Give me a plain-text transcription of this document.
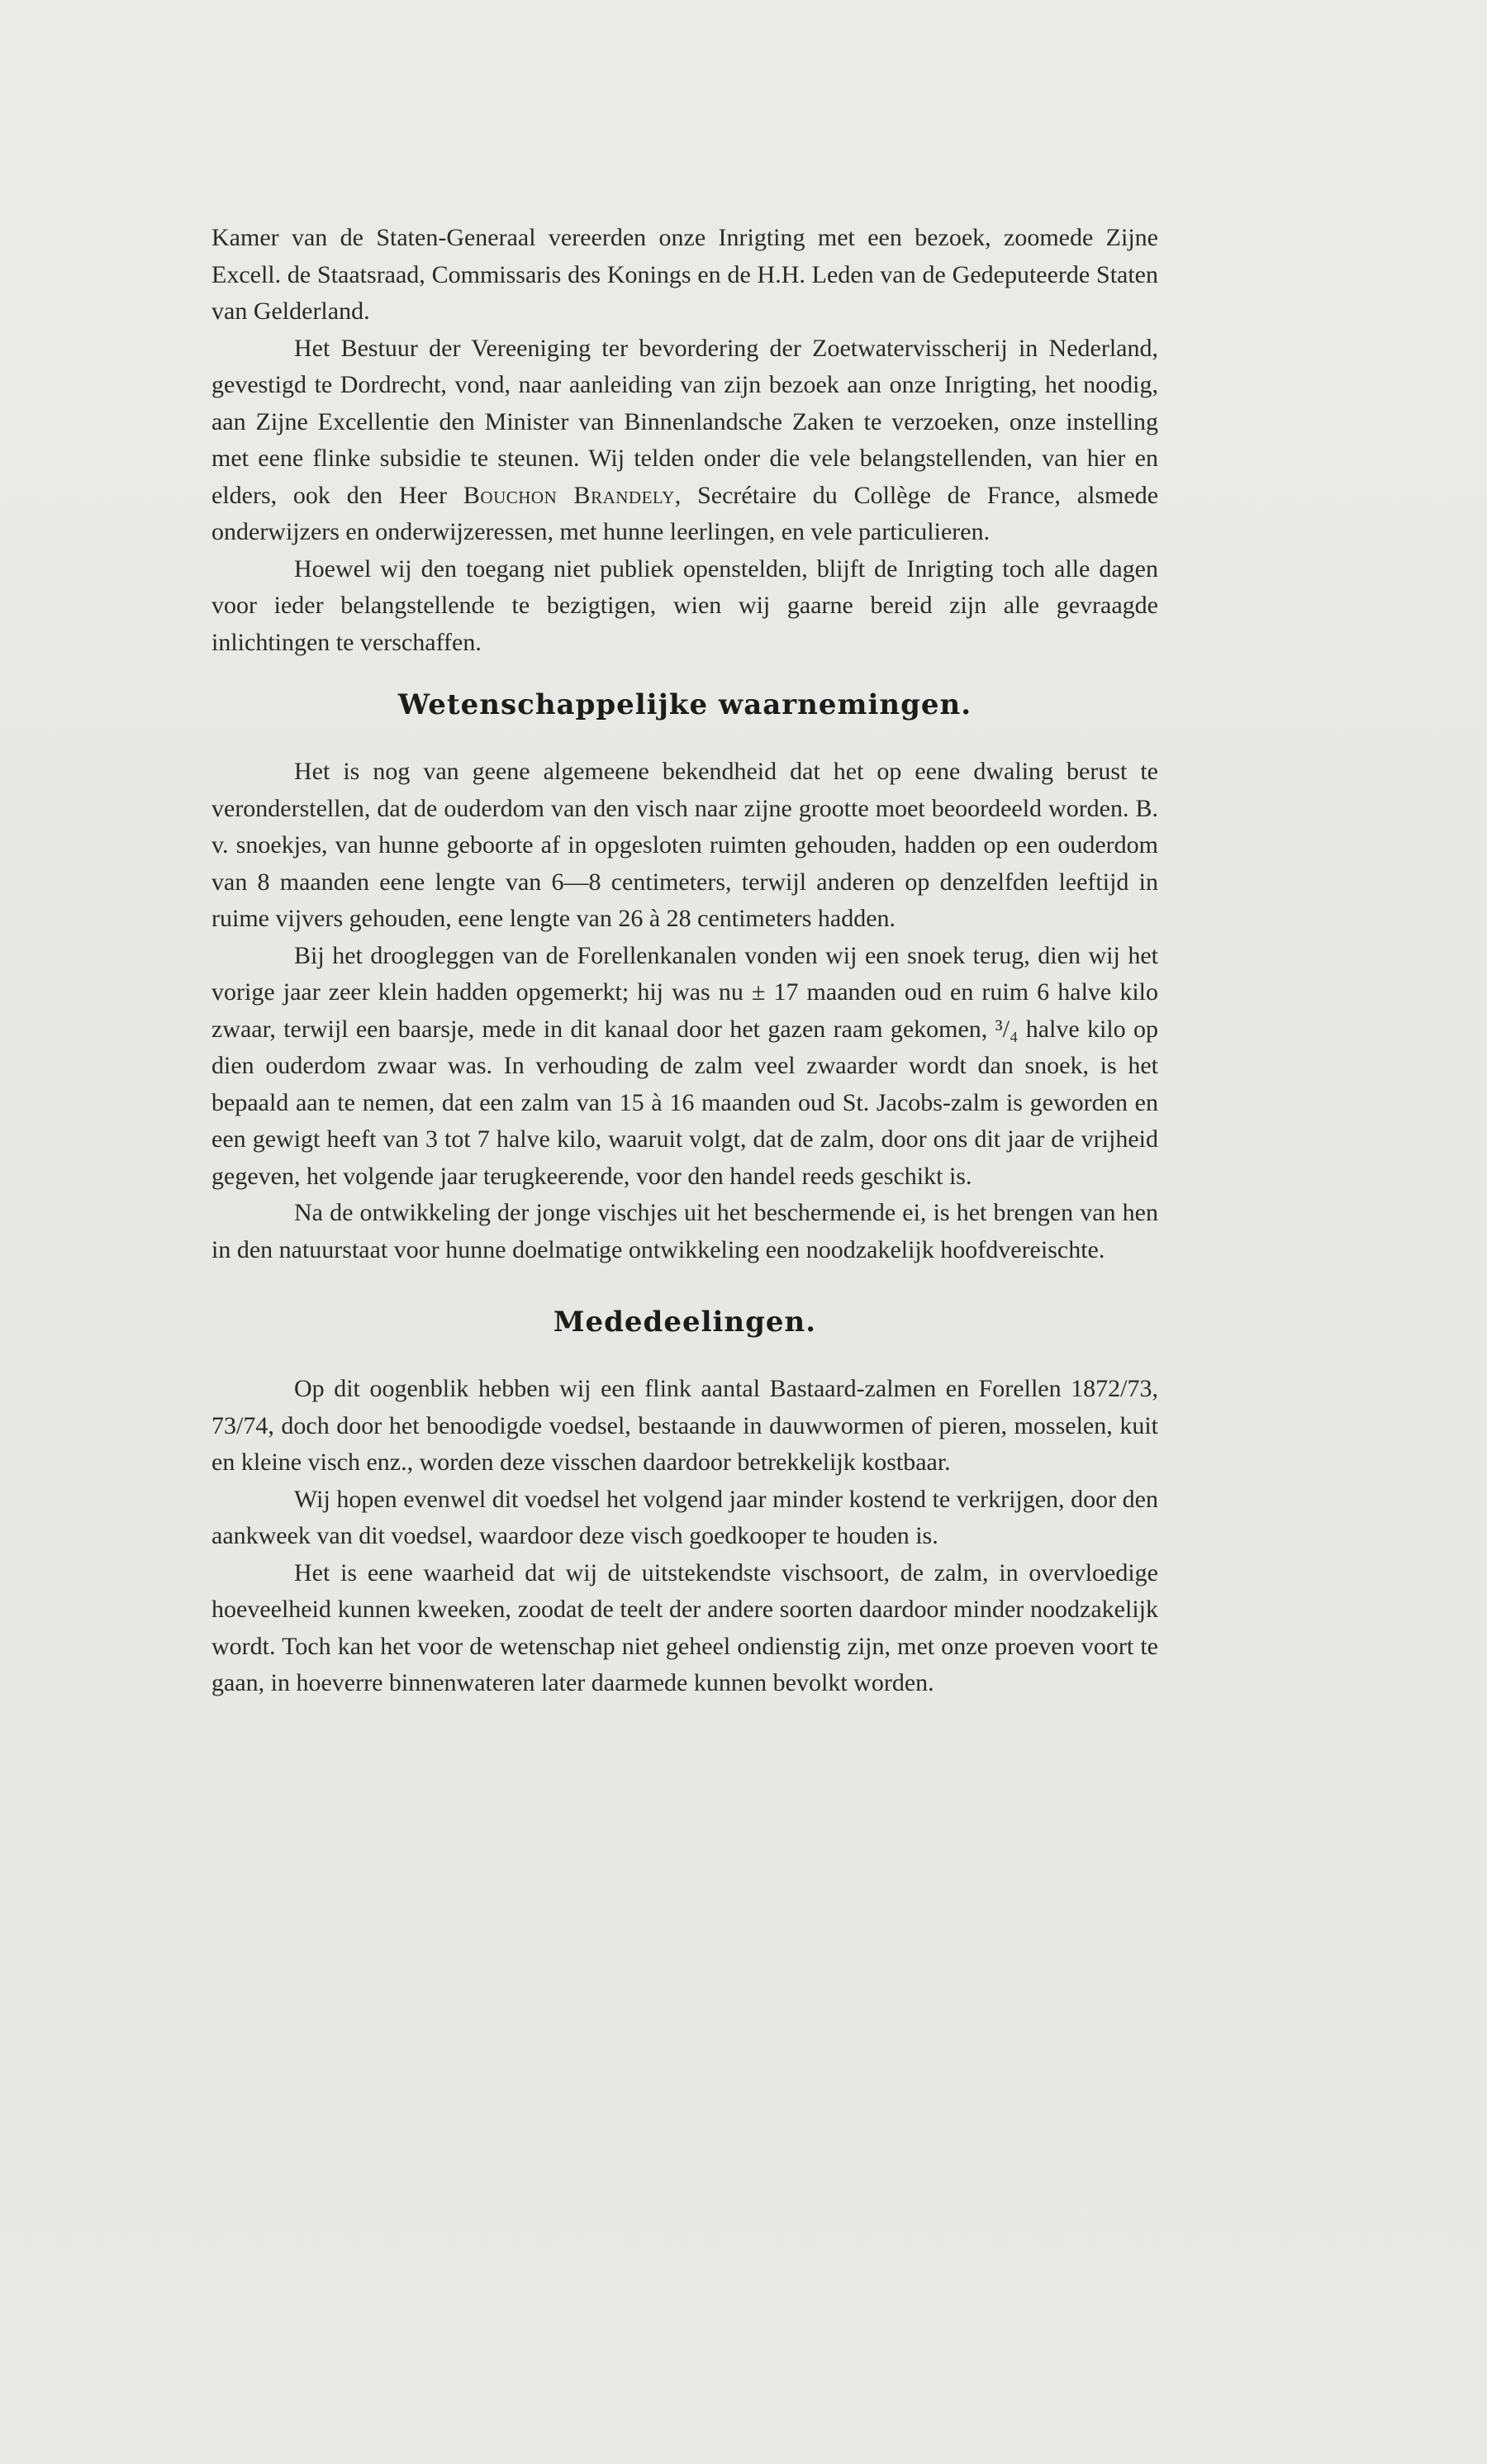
Kamer van de Staten-Generaal vereerden onze Inrigting met een bezoek, zoomede Zijne Excell. de Staatsraad, Commissaris des Konings en de H.H. Leden van de Gedeputeerde Staten van Gelderland.

Het Bestuur der Vereeniging ter bevordering der Zoetwatervisscherij in Nederland, gevestigd te Dordrecht, vond, naar aanleiding van zijn bezoek aan onze Inrigting, het noodig, aan Zijne Excellentie den Minister van Binnenlandsche Zaken te verzoeken, onze instelling met eene flinke subsidie te steunen. Wij telden onder die vele belangstellenden, van hier en elders, ook den Heer Bouchon Brandely, Secrétaire du Collège de France, alsmede onderwijzers en onderwijzeressen, met hunne leerlingen, en vele particulieren.

Hoewel wij den toegang niet publiek openstelden, blijft de Inrigting toch alle dagen voor ieder belangstellende te bezigtigen, wien wij gaarne bereid zijn alle gevraagde inlichtingen te verschaffen.

Wetenschappelijke waarnemingen.

Het is nog van geene algemeene bekendheid dat het op eene dwaling berust te veronderstellen, dat de ouderdom van den visch naar zijne grootte moet beoordeeld worden. B. v. snoekjes, van hunne geboorte af in opgesloten ruimten gehouden, hadden op een ouderdom van 8 maanden eene lengte van 6—8 centimeters, terwijl anderen op denzelfden leeftijd in ruime vijvers gehouden, eene lengte van 26 à 28 centimeters hadden.

Bij het droogleggen van de Forellenkanalen vonden wij een snoek terug, dien wij het vorige jaar zeer klein hadden opgemerkt; hij was nu ± 17 maanden oud en ruim 6 halve kilo zwaar, terwijl een baarsje, mede in dit kanaal door het gazen raam gekomen, ³/₄ halve kilo op dien ouderdom zwaar was. In verhouding de zalm veel zwaarder wordt dan snoek, is het bepaald aan te nemen, dat een zalm van 15 à 16 maanden oud St. Jacobs-zalm is geworden en een gewigt heeft van 3 tot 7 halve kilo, waaruit volgt, dat de zalm, door ons dit jaar de vrijheid gegeven, het volgende jaar terugkeerende, voor den handel reeds geschikt is.

Na de ontwikkeling der jonge vischjes uit het beschermende ei, is het brengen van hen in den natuurstaat voor hunne doelmatige ontwikkeling een noodzakelijk hoofdvereischte.

Mededeelingen.

Op dit oogenblik hebben wij een flink aantal Bastaard-zalmen en Forellen 1872/73, 73/74, doch door het benoodigde voedsel, bestaande in dauwwormen of pieren, mosselen, kuit en kleine visch enz., worden deze visschen daardoor betrekkelijk kostbaar.

Wij hopen evenwel dit voedsel het volgend jaar minder kostend te verkrijgen, door den aankweek van dit voedsel, waardoor deze visch goedkooper te houden is.

Het is eene waarheid dat wij de uitstekendste vischsoort, de zalm, in overvloedige hoeveelheid kunnen kweeken, zoodat de teelt der andere soorten daardoor minder noodzakelijk wordt. Toch kan het voor de wetenschap niet geheel ondienstig zijn, met onze proeven voort te gaan, in hoeverre binnenwateren later daarmede kunnen bevolkt worden.
